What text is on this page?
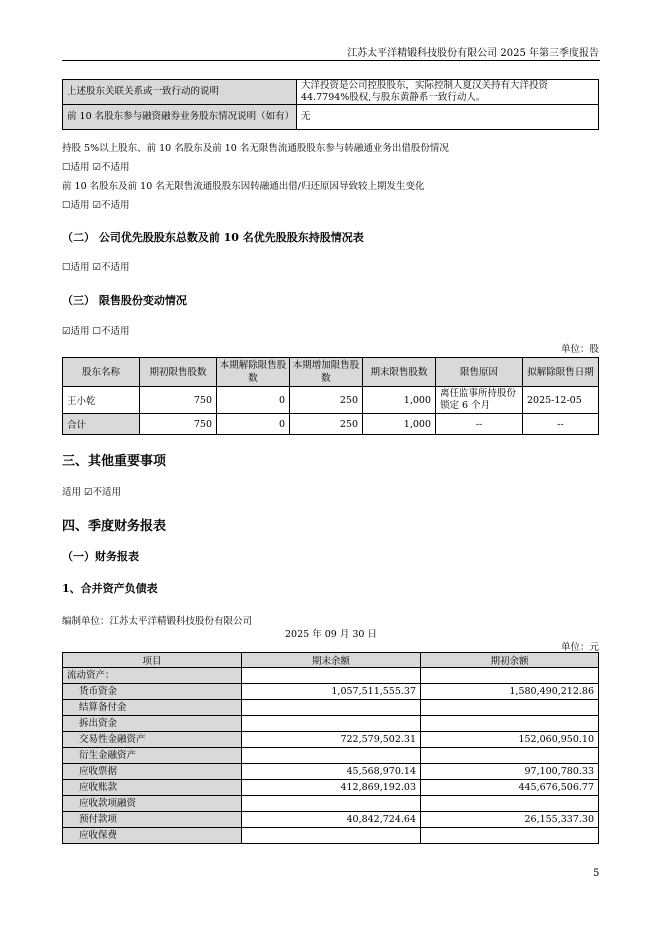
江苏太平洋精锻科技股份有限公司 2025 年第三季度报告
上述股东关联关系或一致行动的说明	大洋投资是公司控股股东，实际控制人夏汉关持有大洋投资44.7794%股权,与股东黄静系一致行动人。
前 10 名股东参与融资融券业务股东情况说明（如有）	无
持股 5%以上股东、前 10 名股东及前 10 名无限售流通股股东参与转融通业务出借股份情况
☐适用 ☑不适用
前 10 名股东及前 10 名无限售流通股股东因转融通出借/归还原因导致较上期发生变化
☐适用 ☑不适用
（二） 公司优先股股东总数及前 10 名优先股股东持股情况表
☐适用 ☑不适用
（三） 限售股份变动情况
☑适用 ☐不适用
单位：股
股东名称	期初限售股数	本期解除限售股数	本期增加限售股数	期末限售股数	限售原因	拟解除限售日期
王小乾	750	0	250	1,000	离任监事所持股份锁定 6 个月	2025-12-05
合计	750	0	250	1,000	--	--
三、其他重要事项
适用 ☑不适用
四、季度财务报表
（一）财务报表
1、合并资产负债表
编制单位：江苏太平洋精锻科技股份有限公司
2025 年 09 月 30 日
单位：元
项目	期末余额	期初余额
流动资产：		
货币资金	1,057,511,555.37	1,580,490,212.86
结算备付金		
拆出资金		
交易性金融资产	722,579,502.31	152,060,950.10
衍生金融资产		
应收票据	45,568,970.14	97,100,780.33
应收账款	412,869,192.03	445,676,506.77
应收款项融资		
预付款项	40,842,724.64	26,155,337.30
应收保费		
5
